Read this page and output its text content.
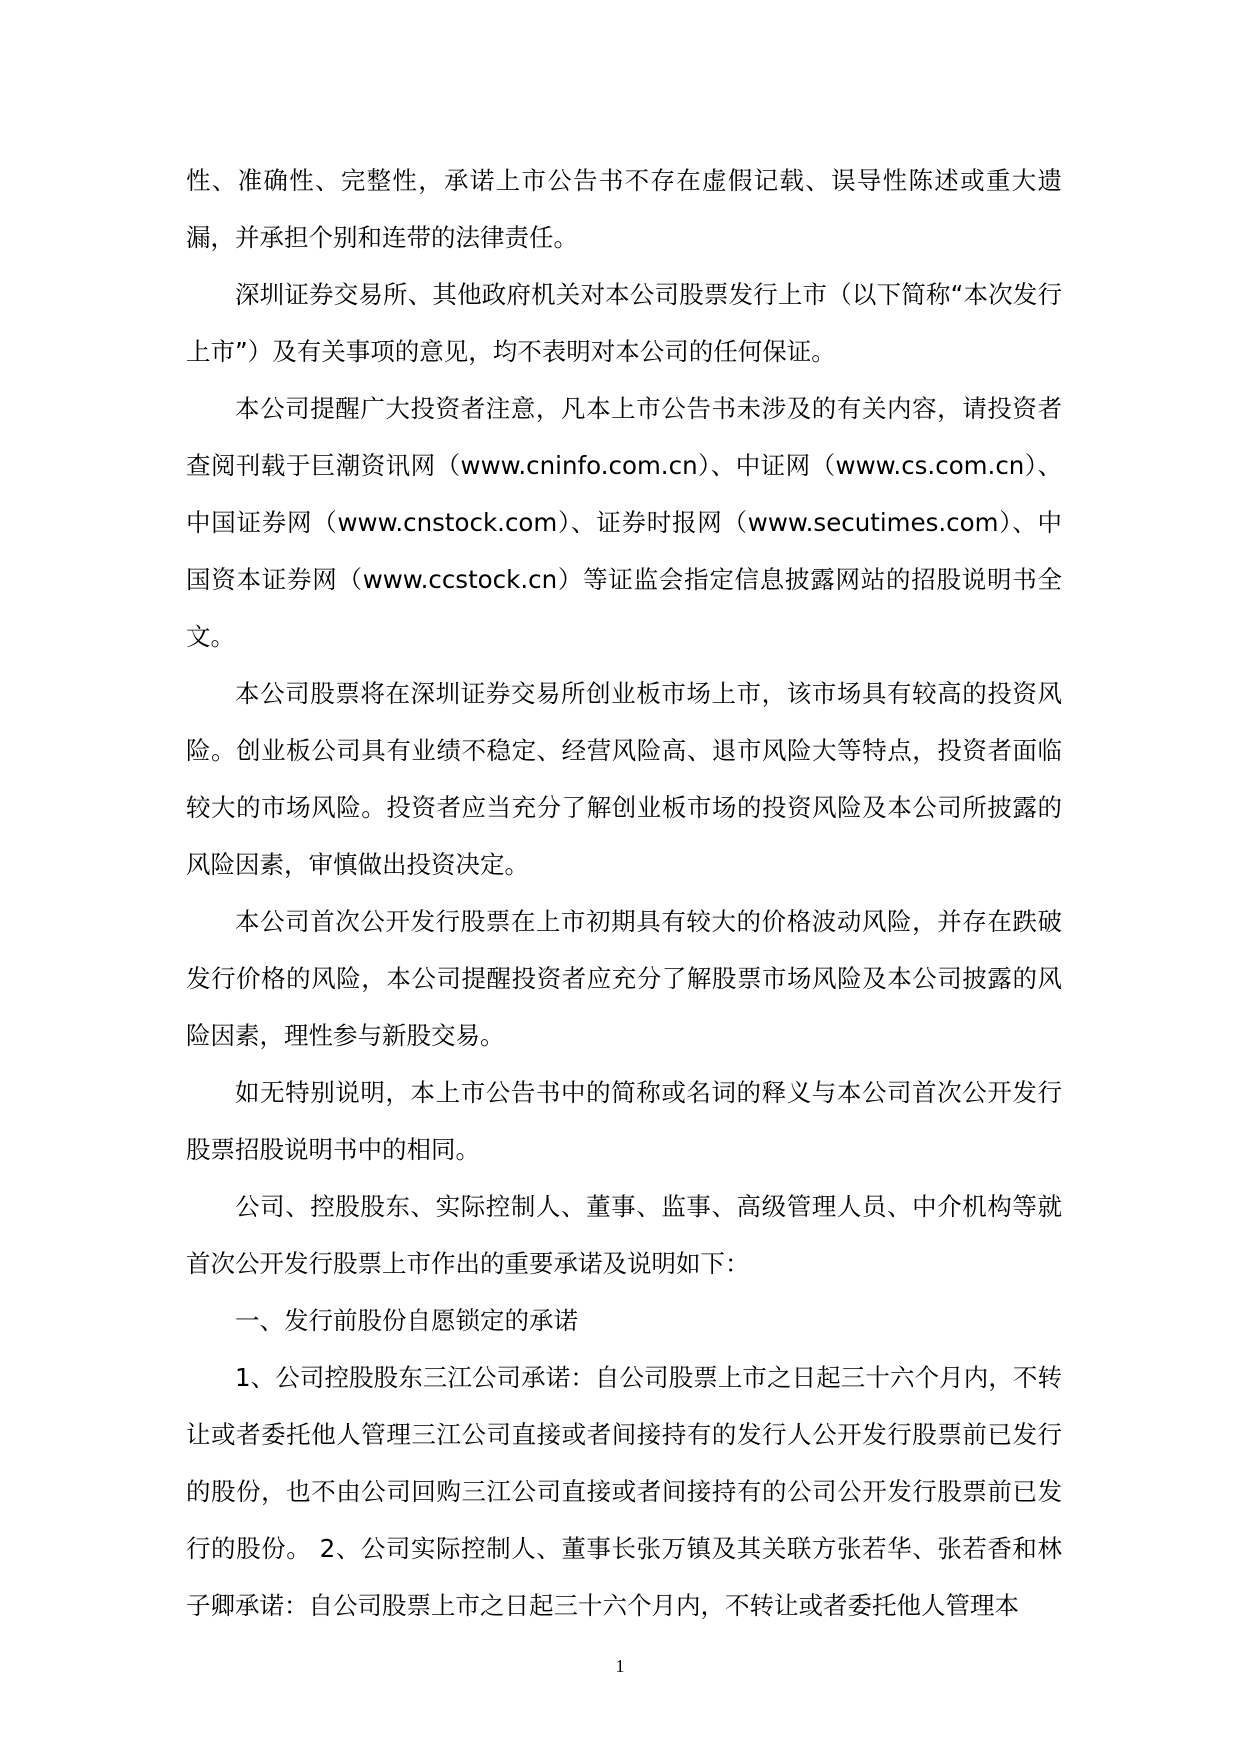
性、准确性、完整性，承诺上市公告书不存在虚假记载、误导性陈述或重大遗漏，并承担个别和连带的法律责任。

深圳证券交易所、其他政府机关对本公司股票发行上市（以下简称“本次发行上市”）及有关事项的意见，均不表明对本公司的任何保证。

本公司提醒广大投资者注意，凡本上市公告书未涉及的有关内容，请投资者查阅刊载于巨潮资讯网（www.cninfo.com.cn）、中证网（www.cs.com.cn）、中国证券网（www.cnstock.com）、证券时报网（www.secutimes.com）、中国资本证券网（www.ccstock.cn）等证监会指定信息披露网站的招股说明书全文。

本公司股票将在深圳证券交易所创业板市场上市，该市场具有较高的投资风险。创业板公司具有业绩不稳定、经营风险高、退市风险大等特点，投资者面临较大的市场风险。投资者应当充分了解创业板市场的投资风险及本公司所披露的风险因素，审慎做出投资决定。

本公司首次公开发行股票在上市初期具有较大的价格波动风险，并存在跌破发行价格的风险，本公司提醒投资者应充分了解股票市场风险及本公司披露的风险因素，理性参与新股交易。

如无特别说明，本上市公告书中的简称或名词的释义与本公司首次公开发行股票招股说明书中的相同。

公司、控股股东、实际控制人、董事、监事、高级管理人员、中介机构等就首次公开发行股票上市作出的重要承诺及说明如下：

一、发行前股份自愿锁定的承诺

1、公司控股股东三江公司承诺：自公司股票上市之日起三十六个月内，不转让或者委托他人管理三江公司直接或者间接持有的发行人公开发行股票前已发行的股份，也不由公司回购三江公司直接或者间接持有的公司公开发行股票前已发行的股份。 2、公司实际控制人、董事长张万镇及其关联方张若华、张若香和林子卿承诺：自公司股票上市之日起三十六个月内，不转让或者委托他人管理本

1
